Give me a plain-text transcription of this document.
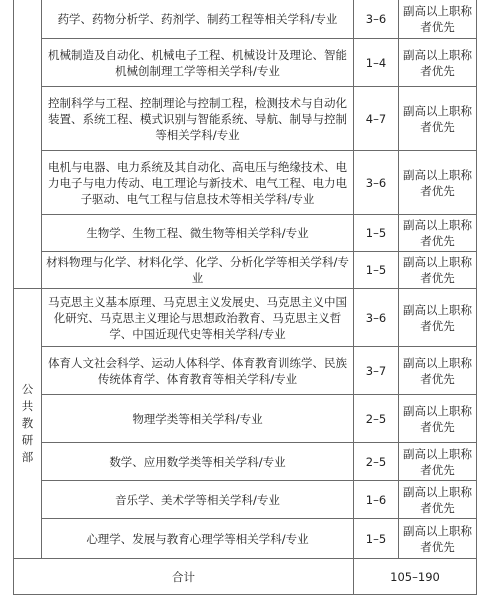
	药学、药物分析学、药剂学、制药工程等相关学科/专业	3–6	副高以上职称者优先
	机械制造及自动化、机械电子工程、机械设计及理论、智能机械创制理工学等相关学科/专业	1–4	副高以上职称者优先
	控制科学与工程、控制理论与控制工程，检测技术与自动化装置、系统工程、模式识别与智能系统、导航、制导与控制等相关学科/专业	4–7	副高以上职称者优先
	电机与电器、电力系统及其自动化、高电压与绝缘技术、电力电子与电力传动、电工理论与新技术、电气工程、电力电子驱动、电气工程与信息技术等相关学科/专业	3–6	副高以上职称者优先
	生物学、生物工程、微生物等相关学科/专业	1–5	副高以上职称者优先
	材料物理与化学、材料化学、化学、分析化学等相关学科/专业	1–5	副高以上职称者优先
公共教研部	马克思主义基本原理、马克思主义发展史、马克思主义中国化研究、马克思主义理论与思想政治教育、马克思主义哲学、中国近现代史等相关学科/专业	3–6	副高以上职称者优先
	体育人文社会科学、运动人体科学、体育教育训练学、民族传统体育学、体育教育等相关学科/专业	3–7	副高以上职称者优先
	物理学类等相关学科/专业	2–5	副高以上职称者优先
	数学、应用数学类等相关学科/专业	2–5	副高以上职称者优先
	音乐学、美术学等相关学科/专业	1–6	副高以上职称者优先
	心理学、发展与教育心理学等相关学科/专业	1–5	副高以上职称者优先
合计		105–190	
